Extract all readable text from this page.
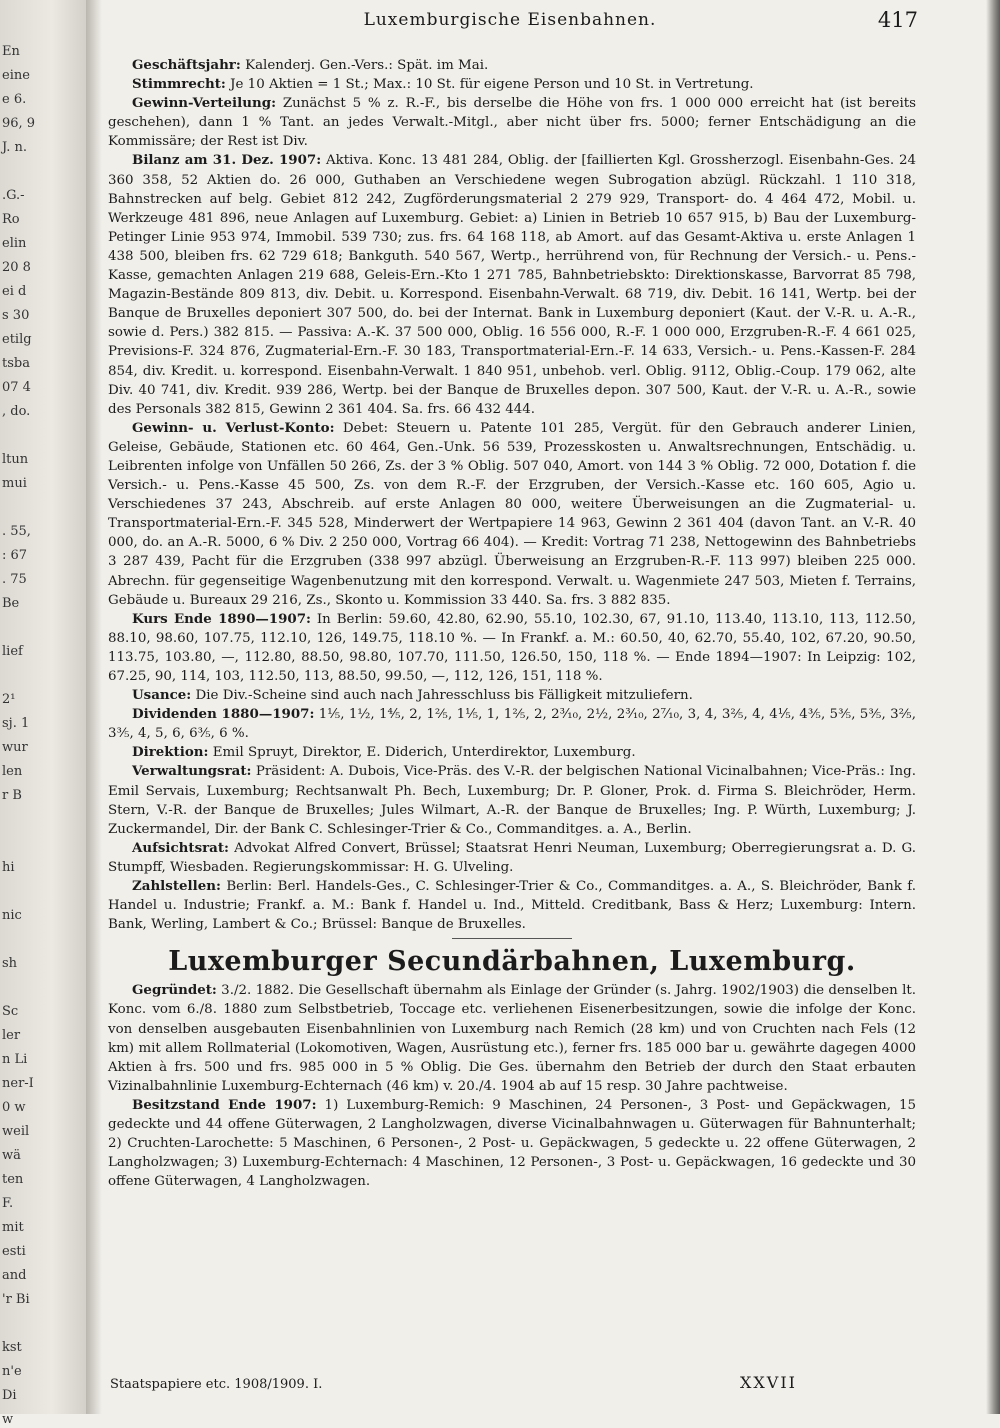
En
eine
e 6.
96, 9
J. n.
.G.-
Ro
elin
20 8
ei d
s 30
etilg
tsba
07 4
, do.
ltun
mui
. 55,
: 67
. 75
Be
lief
2¹
sj. 1
wur
len
r B
hi
nic
sh
Sc
ler
n Li
ner-I
0 w
weil
wä
ten
F.
mit
esti
and
'r Bi
kst
n'e
Di
w
Luxemburgische Eisenbahnen.	417

Geschäftsjahr: Kalenderj. Gen.-Vers.: Spät. im Mai.

Stimmrecht: Je 10 Aktien = 1 St.; Max.: 10 St. für eigene Person und 10 St. in Vertretung.

Gewinn-Verteilung: Zunächst 5 % z. R.-F., bis derselbe die Höhe von frs. 1 000 000 erreicht hat (ist bereits geschehen), dann 1 % Tant. an jedes Verwalt.-Mitgl., aber nicht über frs. 5000; ferner Entschädigung an die Kommissäre; der Rest ist Div.

Bilanz am 31. Dez. 1907: Aktiva. Konc. 13 481 284, Oblig. der [faillierten Kgl. Grossherzogl. Eisenbahn-Ges. 24 360 358, 52 Aktien do. 26 000, Guthaben an Verschiedene wegen Subrogation abzügl. Rückzahl. 1 110 318, Bahnstrecken auf belg. Gebiet 812 242, Zugförderungsmaterial 2 279 929, Transport- do. 4 464 472, Mobil. u. Werkzeuge 481 896, neue Anlagen auf Luxemburg. Gebiet: a) Linien in Betrieb 10 657 915, b) Bau der Luxemburg-Petinger Linie 953 974, Immobil. 539 730; zus. frs. 64 168 118, ab Amort. auf das Gesamt-Aktiva u. erste Anlagen 1 438 500, bleiben frs. 62 729 618; Bankguth. 540 567, Wertp., herrührend von, für Rechnung der Versich.- u. Pens.-Kasse, gemachten Anlagen 219 688, Geleis-Ern.-Kto 1 271 785, Bahnbetriebskto: Direktionskasse, Barvorrat 85 798, Magazin-Bestände 809 813, div. Debit. u. Korrespond. Eisenbahn-Verwalt. 68 719, div. Debit. 16 141, Wertp. bei der Banque de Bruxelles deponiert 307 500, do. bei der Internat. Bank in Luxemburg deponiert (Kaut. der V.-R. u. A.-R., sowie d. Pers.) 382 815. — Passiva: A.-K. 37 500 000, Oblig. 16 556 000, R.-F. 1 000 000, Erzgruben-R.-F. 4 661 025, Previsions-F. 324 876, Zugmaterial-Ern.-F. 30 183, Transportmaterial-Ern.-F. 14 633, Versich.- u. Pens.-Kassen-F. 284 854, div. Kredit. u. korrespond. Eisenbahn-Verwalt. 1 840 951, unbehob. verl. Oblig. 9112, Oblig.-Coup. 179 062, alte Div. 40 741, div. Kredit. 939 286, Wertp. bei der Banque de Bruxelles depon. 307 500, Kaut. der V.-R. u. A.-R., sowie des Personals 382 815, Gewinn 2 361 404. Sa. frs. 66 432 444.

Gewinn- u. Verlust-Konto: Debet: Steuern u. Patente 101 285, Vergüt. für den Gebrauch anderer Linien, Geleise, Gebäude, Stationen etc. 60 464, Gen.-Unk. 56 539, Prozesskosten u. Anwaltsrechnungen, Entschädig. u. Leibrenten infolge von Unfällen 50 266, Zs. der 3 % Oblig. 507 040, Amort. von 144 3 % Oblig. 72 000, Dotation f. die Versich.- u. Pens.-Kasse 45 500, Zs. von dem R.-F. der Erzgruben, der Versich.-Kasse etc. 160 605, Agio u. Verschiedenes 37 243, Abschreib. auf erste Anlagen 80 000, weitere Überweisungen an die Zugmaterial- u. Transportmaterial-Ern.-F. 345 528, Minderwert der Wertpapiere 14 963, Gewinn 2 361 404 (davon Tant. an V.-R. 40 000, do. an A.-R. 5000, 6 % Div. 2 250 000, Vortrag 66 404). — Kredit: Vortrag 71 238, Nettogewinn des Bahnbetriebs 3 287 439, Pacht für die Erzgruben (338 997 abzügl. Überweisung an Erzgruben-R.-F. 113 997) bleiben 225 000. Abrechn. für gegenseitige Wagenbenutzung mit den korrespond. Verwalt. u. Wagenmiete 247 503, Mieten f. Terrains, Gebäude u. Bureaux 29 216, Zs., Skonto u. Kommission 33 440. Sa. frs. 3 882 835.

Kurs Ende 1890—1907: In Berlin: 59.60, 42.80, 62.90, 55.10, 102.30, 67, 91.10, 113.40, 113.10, 113, 112.50, 88.10, 98.60, 107.75, 112.10, 126, 149.75, 118.10 %. — In Frankf. a. M.: 60.50, 40, 62.70, 55.40, 102, 67.20, 90.50, 113.75, 103.80, —, 112.80, 88.50, 98.80, 107.70, 111.50, 126.50, 150, 118 %. — Ende 1894—1907: In Leipzig: 102, 67.25, 90, 114, 103, 112.50, 113, 88.50, 99.50, —, 112, 126, 151, 118 %.

Usance: Die Div.-Scheine sind auch nach Jahresschluss bis Fälligkeit mitzuliefern.

Dividenden 1880—1907: 1⅕, 1½, 1⅘, 2, 1⅖, 1⅕, 1, 1⅖, 2, 2³⁄₁₀, 2½, 2³⁄₁₀, 2⁷⁄₁₀, 3, 4, 3⅖, 4, 4⅕, 4⅗, 5⅗, 5⅗, 3⅖, 3⅗, 4, 5, 6, 6⅗, 6 %.

Direktion: Emil Spruyt, Direktor, E. Diderich, Unterdirektor, Luxemburg.

Verwaltungsrat: Präsident: A. Dubois, Vice-Präs. des V.-R. der belgischen National Vicinalbahnen; Vice-Präs.: Ing. Emil Servais, Luxemburg; Rechtsanwalt Ph. Bech, Luxemburg; Dr. P. Gloner, Prok. d. Firma S. Bleichröder, Herm. Stern, V.-R. der Banque de Bruxelles; Jules Wilmart, A.-R. der Banque de Bruxelles; Ing. P. Würth, Luxemburg; J. Zuckermandel, Dir. der Bank C. Schlesinger-Trier & Co., Commanditges. a. A., Berlin.

Aufsichtsrat: Advokat Alfred Convert, Brüssel; Staatsrat Henri Neuman, Luxemburg; Oberregierungsrat a. D. G. Stumpff, Wiesbaden. Regierungskommissar: H. G. Ulveling.

Zahlstellen: Berlin: Berl. Handels-Ges., C. Schlesinger-Trier & Co., Commanditges. a. A., S. Bleichröder, Bank f. Handel u. Industrie; Frankf. a. M.: Bank f. Handel u. Ind., Mitteld. Creditbank, Bass & Herz; Luxemburg: Intern. Bank, Werling, Lambert & Co.; Brüssel: Banque de Bruxelles.

Luxemburger Secundärbahnen, Luxemburg.

Gegründet: 3./2. 1882. Die Gesellschaft übernahm als Einlage der Gründer (s. Jahrg. 1902/1903) die denselben lt. Konc. vom 6./8. 1880 zum Selbstbetrieb, Toccage etc. verliehenen Eisenerbesitzungen, sowie die infolge der Konc. von denselben ausgebauten Eisenbahnlinien von Luxemburg nach Remich (28 km) und von Cruchten nach Fels (12 km) mit allem Rollmaterial (Lokomotiven, Wagen, Ausrüstung etc.), ferner frs. 185 000 bar u. gewährte dagegen 4000 Aktien à frs. 500 und frs. 985 000 in 5 % Oblig. Die Ges. übernahm den Betrieb der durch den Staat erbauten Vizinalbahnlinie Luxemburg-Echternach (46 km) v. 20./4. 1904 ab auf 15 resp. 30 Jahre pachtweise.

Besitzstand Ende 1907: 1) Luxemburg-Remich: 9 Maschinen, 24 Personen-, 3 Post- und Gepäckwagen, 15 gedeckte und 44 offene Güterwagen, 2 Langholzwagen, diverse Vicinalbahnwagen u. Güterwagen für Bahnunterhalt; 2) Cruchten-Larochette: 5 Maschinen, 6 Personen-, 2 Post- u. Gepäckwagen, 5 gedeckte u. 22 offene Güterwagen, 2 Langholzwagen; 3) Luxemburg-Echternach: 4 Maschinen, 12 Personen-, 3 Post- u. Gepäckwagen, 16 gedeckte und 30 offene Güterwagen, 4 Langholzwagen.

Staatspapiere etc. 1908/1909. I.	XXVII
